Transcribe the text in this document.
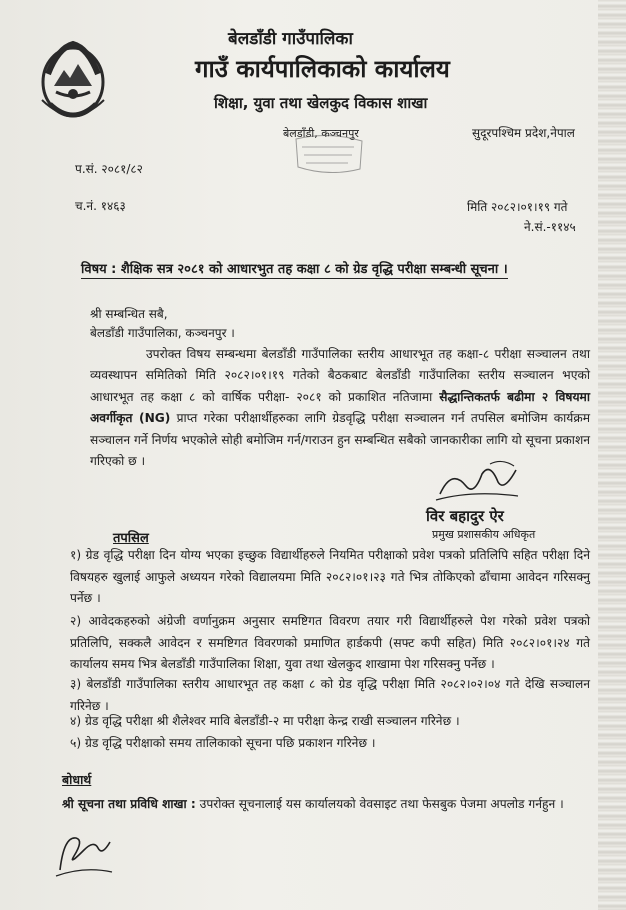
बेलडाँडी गाउँपालिका
गाउँ कार्यपालिकाको कार्यालय
शिक्षा, युवा तथा खेलकुद विकास शाखा
बेलडाँडी, कञ्चनपुर	सुदूरपश्चिम प्रदेश,नेपाल
प.सं. २०८१/८२
च.नं. १४६३	मिति २०८२।०१।१९ गते
ने.सं.-११४५
विषय : शैक्षिक सत्र २०८१ को आधारभुत तह कक्षा ८ को ग्रेड वृद्धि परीक्षा सम्बन्धी सूचना ।
श्री सम्बन्धित सबै,
बेलडाँडी गाउँपालिका, कञ्चनपुर ।
उपरोक्त विषय सम्बन्धमा बेलडाँडी गाउँपालिका स्तरीय आधारभूत तह कक्षा-८ परीक्षा सञ्चालन तथा व्यवस्थापन समितिको मिति २०८२।०१।१९ गतेको बैठकबाट बेलडाँडी गाउँपालिका स्तरीय सञ्चालन भएको आधारभूत तह कक्षा ८ को वार्षिक परीक्षा- २०८१ को प्रकाशित नतिजामा सैद्धान्तिकतर्फ बढीमा २ विषयमा अवर्गीकृत (NG) प्राप्त गरेका परीक्षार्थीहरुका लागि ग्रेडवृद्धि परीक्षा सञ्चालन गर्न तपसिल बमोजिम कार्यक्रम सञ्चालन गर्ने निर्णय भएकोले सोही बमोजिम गर्न/गराउन हुन सम्बन्धित सबैको जानकारीका लागि यो सूचना प्रकाशन गरिएको छ ।
विर बहादुर ऐर
प्रमुख प्रशासकीय अधिकृत
तपसिल
१) ग्रेड वृद्धि परीक्षा दिन योग्य भएका इच्छुक विद्यार्थीहरुले नियमित परीक्षाको प्रवेश पत्रको प्रतिलिपि सहित परीक्षा दिने विषयहरु खुलाई आफुले अध्ययन गरेको विद्यालयमा मिति २०८२।०१।२३ गते भित्र तोकिएको ढाँचामा आवेदन गरिसक्नु पर्नेछ ।
२) आवेदकहरुको अंग्रेजी वर्णानुक्रम अनुसार समष्टिगत विवरण तयार गरी विद्यार्थीहरुले पेश गरेको प्रवेश पत्रको प्रतिलिपि, सक्कलै आवेदन र समष्टिगत विवरणको प्रमाणित हार्डकपी (सफ्ट कपी सहित) मिति २०८२।०१।२४ गते कार्यालय समय भित्र बेलडाँडी गाउँपालिका शिक्षा, युवा तथा खेलकुद शाखामा पेश गरिसक्नु पर्नेछ ।
३) बेलडाँडी गाउँपालिका स्तरीय आधारभूत तह कक्षा ८ को ग्रेड वृद्धि परीक्षा मिति २०८२।०२।०४ गते देखि सञ्चालन गरिनेछ ।
४) ग्रेड वृद्धि परीक्षा श्री शैलेश्वर मावि बेलडाँडी-२ मा परीक्षा केन्द्र राखी सञ्चालन गरिनेछ ।
५) ग्रेड वृद्धि परीक्षाको समय तालिकाको सूचना पछि प्रकाशन गरिनेछ ।
बोधार्थ
श्री सूचना तथा प्रविधि शाखा : उपरोक्त सूचनालाई यस कार्यालयको वेवसाइट तथा फेसबुक पेजमा अपलोड गर्नहुन ।
